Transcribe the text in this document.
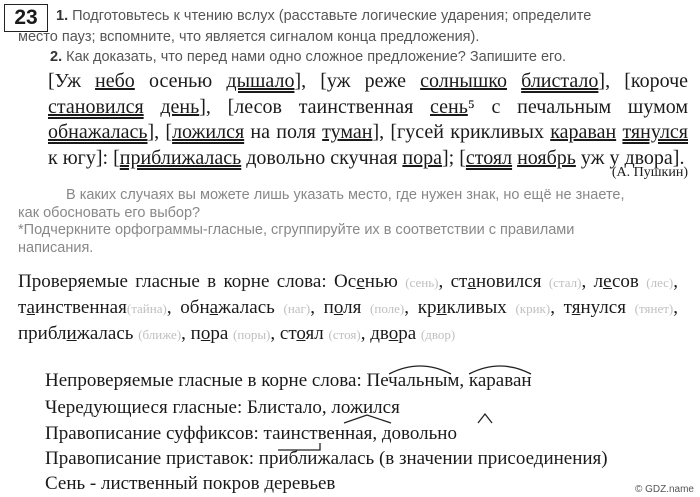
23	1. Подготовьтесь к чтению вслух (расставьте логические ударения; определите
место пауз; вспомните, что является сигналом конца предложения).
2. Как доказать, что перед нами одно сложное предложение? Запишите его.
[Уж небо осенью дышало], [уж реже солнышко блистало], [короче становился день], [лесов таинственная сень⁵ с печальным шумом обнажалась], [ложился на поля туман], [гусей крикливых караван тянулся к югу]: [приближалась довольно скучная пора]; [стоял ноябрь уж у двора].
(А. Пушкин)
В каких случаях вы можете лишь указать место, где нужен знак, но ещё не знаете,
как обосновать его выбор?
*Подчеркните орфограммы-гласные, сгруппируйте их в соответствии с правилами
написания.
Проверяемые гласные в корне слова: Осенью (сень), становился (стал), лесов (лес), таинственная(тайна), обнажалась (наг), поля (поле), крикливых (крик), тянулся (тянет), приближалась (ближе), пора (поры), стоял (стоя), двора (двор)
Непроверяемые гласные в корне слова: Печальным, караван
Чередующиеся гласные: Блистало, ложился
Правописание суффиксов: таинственная, довольно
Правописание приставок: приближалась (в значении присоединения)
Сень - лиственный покров деревьев	© GDZ.name
